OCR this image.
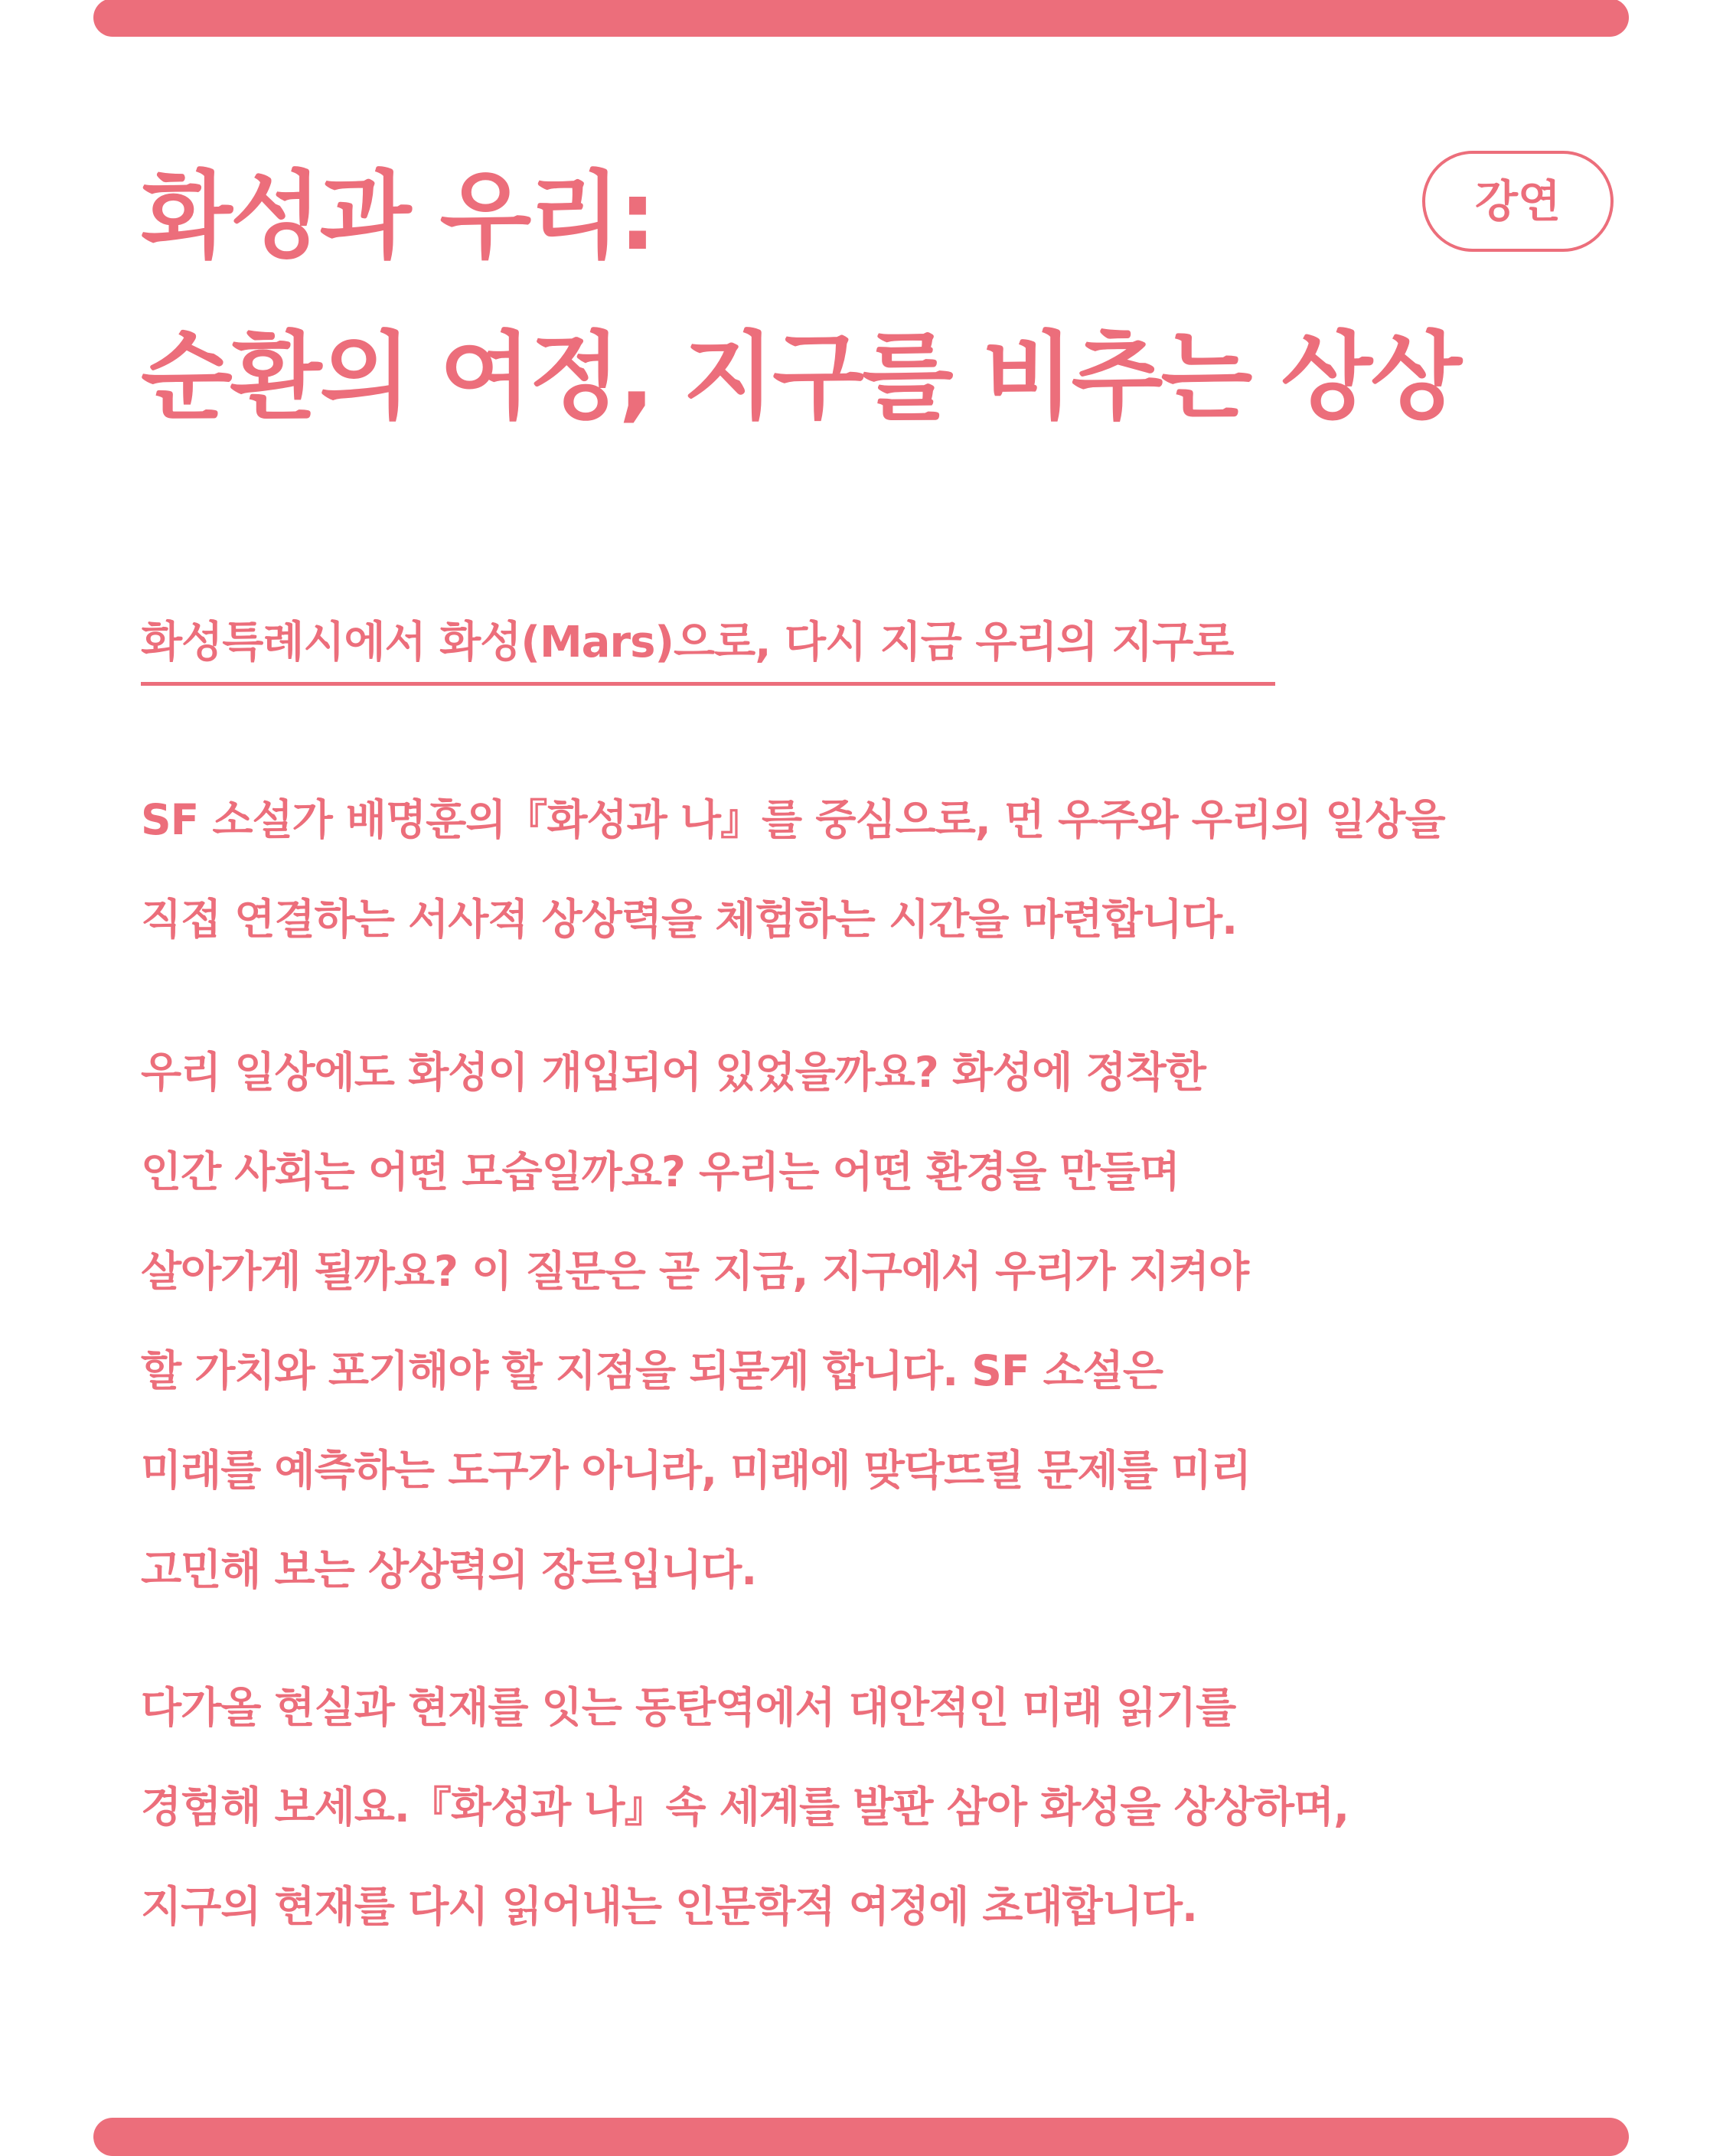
화성과 우리:
순환의 여정, 지구를 비추는 상상
강연
화성특례시에서 화성(Mars)으로, 다시 지금 우리의 지구로

SF 소설가 배명훈의『화성과 나』를 중심으로, 먼 우주와 우리의 일상을
직접 연결하는 서사적 상상력을 체험하는 시간을 마련합니다.

우리 일상에도 화성이 개입되어 있었을까요? 화성에 정착한
인간 사회는 어떤 모습일까요? 우리는 어떤 환경을 만들며
살아가게 될까요? 이 질문은 곧 지금, 지구에서 우리가 지켜야
할 가치와 포기해야 할 지점을 되묻게 합니다. SF 소설은
미래를 예측하는 도구가 아니라, 미래에 맞닥뜨릴 문제를 미리
고민해 보는 상상력의 장르입니다.

다가올 현실과 현재를 잇는 동탄역에서 대안적인 미래 읽기를
경험해 보세요.『화성과 나』속 세계를 발판 삼아 화성을 상상하며,
지구의 현재를 다시 읽어내는 인문학적 여정에 초대합니다.
